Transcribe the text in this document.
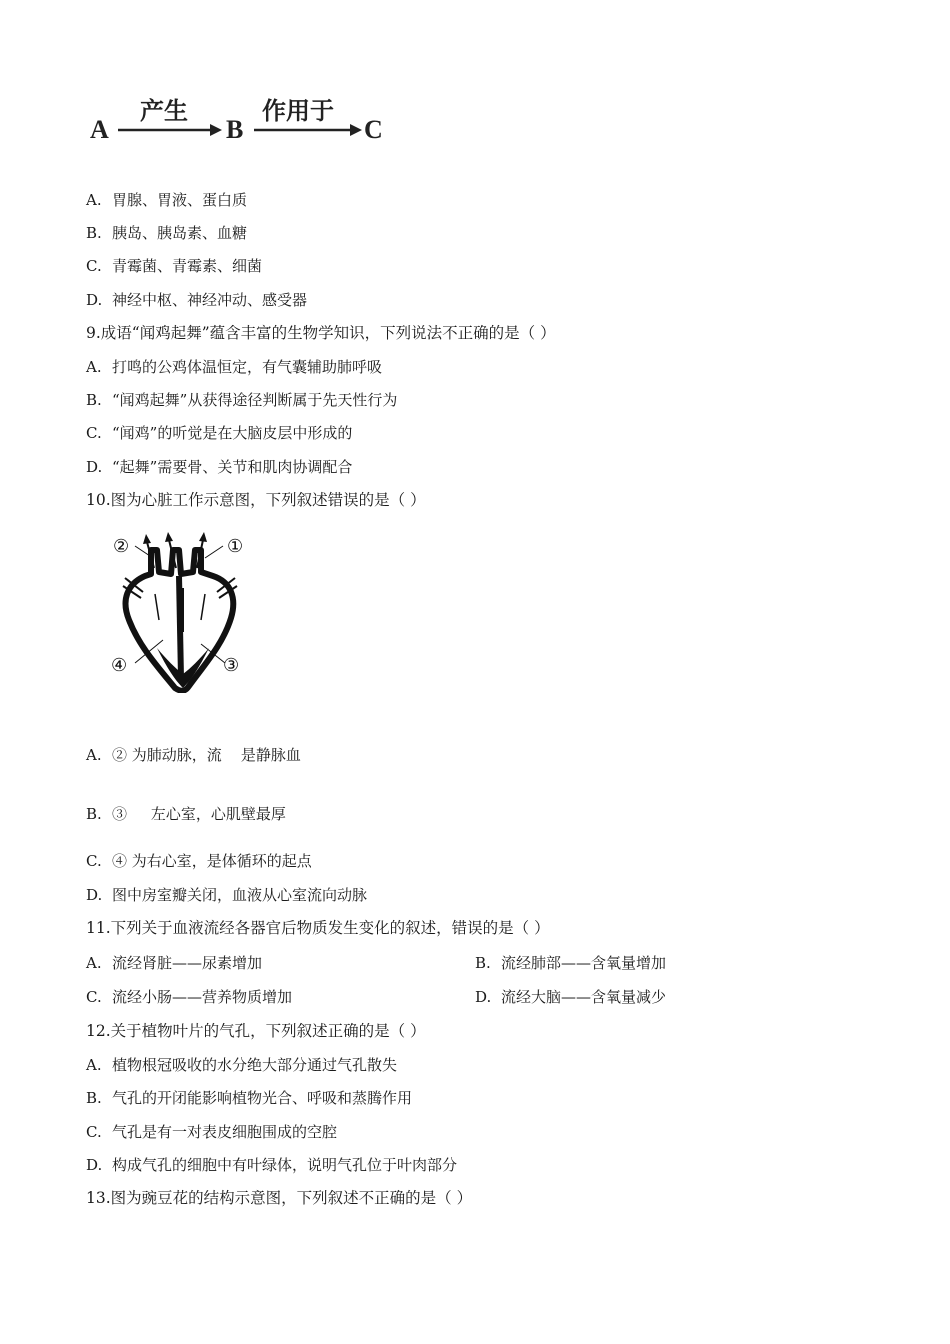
A
产生
B
作用于
C
A. 胃腺、胃液、蛋白质
B. 胰岛、胰岛素、血糖
C. 青霉菌、青霉素、细菌
D. 神经中枢、神经冲动、感受器
9.成语“闻鸡起舞”蕴含丰富的生物学知识，下列说法不正确的是（ ）
A. 打鸣的公鸡体温恒定，有气囊辅助肺呼吸
B. “闻鸡起舞”从获得途径判断属于先天性行为
C. “闻鸡”的听觉是在大脑皮层中形成的
D. “起舞”需要骨、关节和肌肉协调配合
10.图为心脏工作示意图，下列叙述错误的是（ ）
②	①
④	③
A. ② 为肺动脉，流    是静脉血
B. ③     左心室，心肌壁最厚
C. ④ 为右心室，是体循环的起点
D. 图中房室瓣关闭，血液从心室流向动脉
11.下列关于血液流经各器官后物质发生变化的叙述，错误的是（ ）
A. 流经肾脏——尿素增加	B. 流经肺部——含氧量增加
C. 流经小肠——营养物质增加	D. 流经大脑——含氧量减少
12.关于植物叶片的气孔，下列叙述正确的是（ ）
A. 植物根冠吸收的水分绝大部分通过气孔散失
B. 气孔的开闭能影响植物光合、呼吸和蒸腾作用
C. 气孔是有一对表皮细胞围成的空腔
D. 构成气孔的细胞中有叶绿体，说明气孔位于叶肉部分
13.图为豌豆花的结构示意图，下列叙述不正确的是（ ）
